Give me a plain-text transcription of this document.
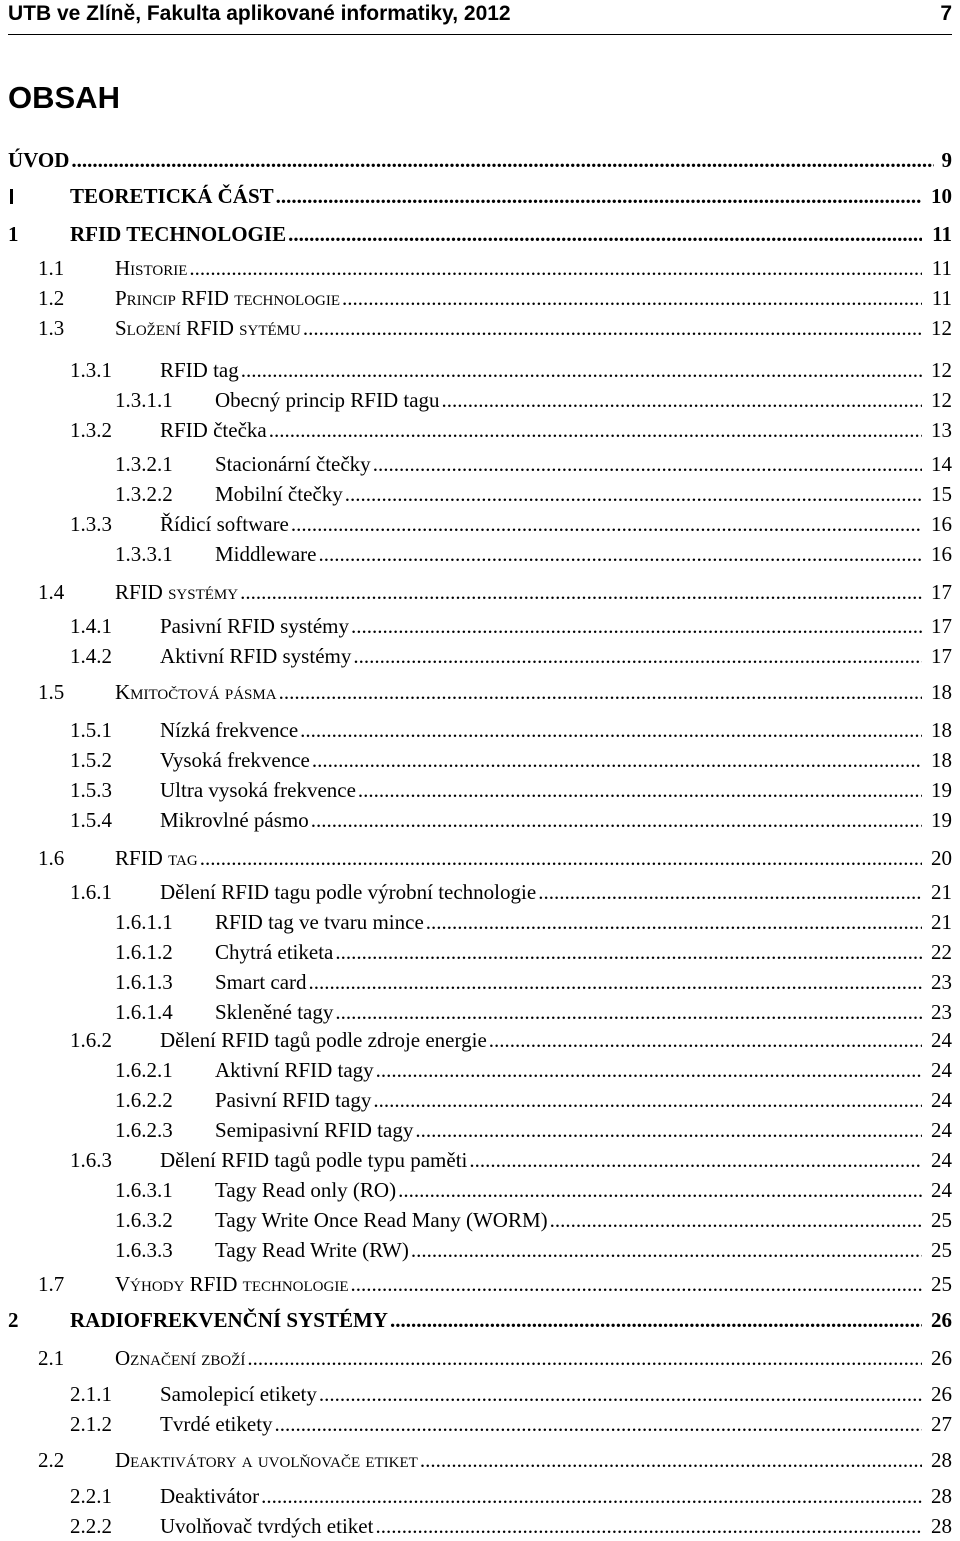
UTB ve Zlíně, Fakulta aplikované informatiky, 2012	7
OBSAH
ÚVOD .....	9
TEORETICKÁ ČÁST .....	10
1 RFID TECHNOLOGIE .....	11
1.1 Historie .....	11
1.2 Princip RFID technologie .....	11
1.3 Složení RFID sytému .....	12
1.3.1 RFID tag .....	12
1.3.1.1 Obecný princip RFID tagu .....	12
1.3.2 RFID čtečka .....	13
1.3.2.1 Stacionární čtečky .....	14
1.3.2.2 Mobilní čtečky .....	15
1.3.3 Řídicí software .....	16
1.3.3.1 Middleware .....	16
1.4 RFID systémy .....	17
1.4.1 Pasivní RFID systémy .....	17
1.4.2 Aktivní RFID systémy .....	17
1.5 Kmitočtová pásma .....	18
1.5.1 Nízká frekvence .....	18
1.5.2 Vysoká frekvence .....	18
1.5.3 Ultra vysoká frekvence .....	19
1.5.4 Mikrovlné pásmo .....	19
1.6 RFID tag .....	20
1.6.1 Dělení RFID tagu podle výrobní technologie .....	21
1.6.1.1 RFID tag ve tvaru mince .....	21
1.6.1.2 Chytrá etiketa .....	22
1.6.1.3 Smart card .....	23
1.6.1.4 Skleněné tagy .....	23
1.6.2 Dělení RFID tagů podle zdroje energie .....	24
1.6.2.1 Aktivní RFID tagy .....	24
1.6.2.2 Pasivní RFID tagy .....	24
1.6.2.3 Semipasivní RFID tagy .....	24
1.6.3 Dělení RFID tagů podle typu paměti .....	24
1.6.3.1 Tagy Read only (RO) .....	24
1.6.3.2 Tagy Write Once Read Many (WORM) .....	25
1.6.3.3 Tagy Read Write (RW) .....	25
1.7 Výhody RFID technologie .....	25
2 RADIOFREKVENČNÍ SYSTÉMY .....	26
2.1 Označení zboží .....	26
2.1.1 Samolepicí etikety .....	26
2.1.2 Tvrdé etikety .....	27
2.2 Deaktivátory a uvolňovače etiket .....	28
2.2.1 Deaktivátor .....	28
2.2.2 Uvolňovač tvrdých etiket .....	28
